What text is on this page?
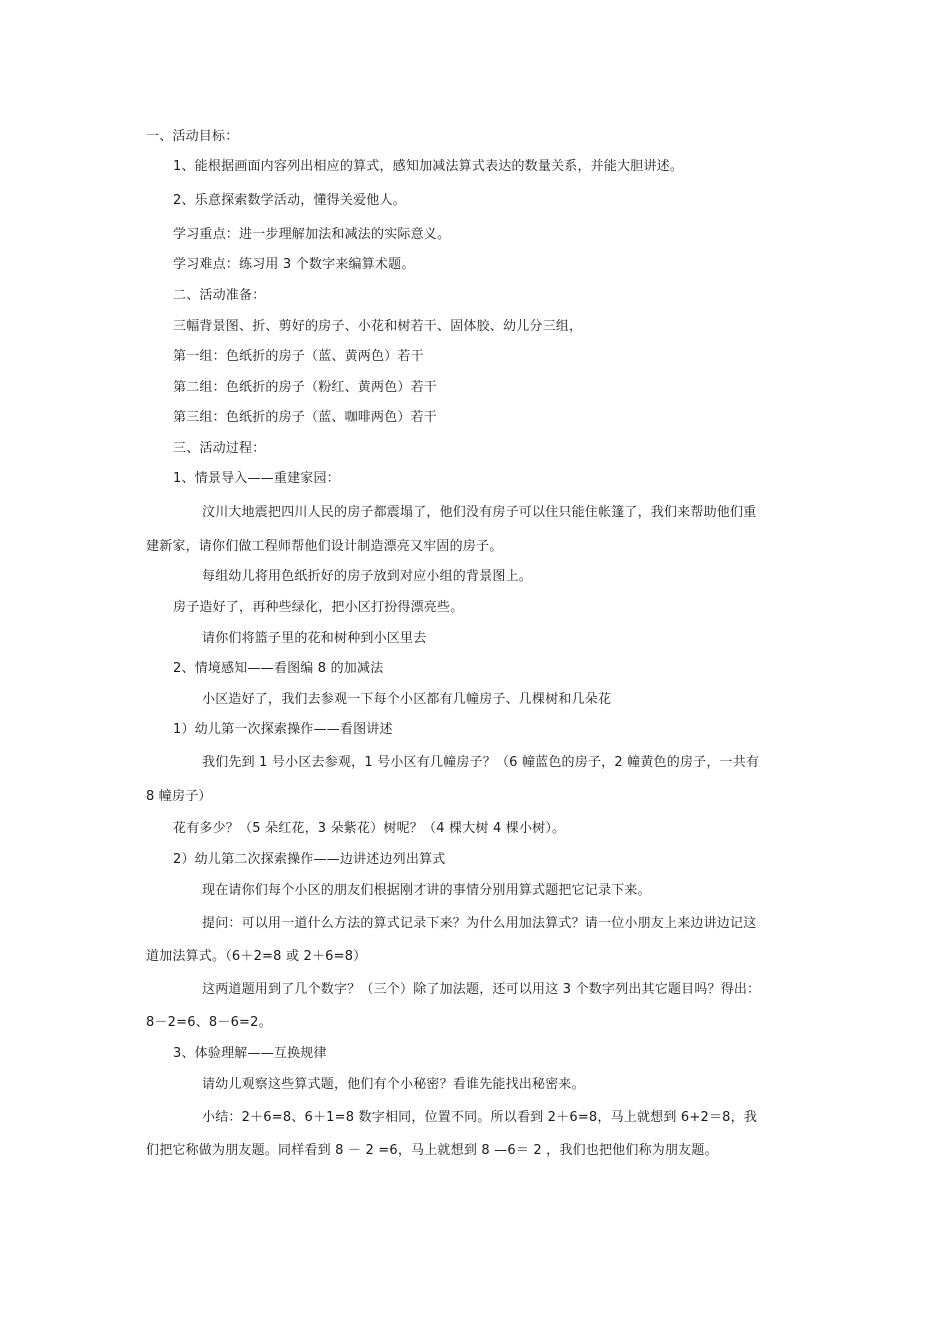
一、活动目标：
1、能根据画面内容列出相应的算式，感知加减法算式表达的数量关系，并能大胆讲述。
2、乐意探索数学活动，懂得关爱他人。
学习重点：进一步理解加法和减法的实际意义。
学习难点：练习用 3 个数字来编算术题。
二、活动准备：
三幅背景图、折、剪好的房子、小花和树若干、固体胶、幼儿分三组，
第一组：色纸折的房子（蓝、黄两色）若干
第二组：色纸折的房子（粉红、黄两色）若干
第三组：色纸折的房子（蓝、咖啡两色）若干
三、活动过程：
1、情景导入——重建家园：
汶川大地震把四川人民的房子都震塌了，他们没有房子可以住只能住帐篷了，我们来帮助他们重
建新家，请你们做工程师帮他们设计制造漂亮又牢固的房子。
每组幼儿将用色纸折好的房子放到对应小组的背景图上。
房子造好了，再种些绿化，把小区打扮得漂亮些。
请你们将篮子里的花和树种到小区里去
2、情境感知——看图编 8 的加减法
小区造好了，我们去参观一下每个小区都有几幢房子、几棵树和几朵花
1）幼儿第一次探索操作——看图讲述
我们先到 1 号小区去参观，1 号小区有几幢房子？（6 幢蓝色的房子，2 幢黄色的房子，一共有
8 幢房子）
花有多少？（5 朵红花，3 朵紫花）树呢？（4 棵大树 4 棵小树）。
2）幼儿第二次探索操作——边讲述边列出算式
现在请你们每个小区的朋友们根据刚才讲的事情分别用算式题把它记录下来。
提问：可以用一道什么方法的算式记录下来？为什么用加法算式？请一位小朋友上来边讲边记这
道加法算式。（6＋2=8 或 2＋6=8）
这两道题用到了几个数字？（三个）除了加法题，还可以用这 3 个数字列出其它题目吗？得出：
8－2=6、8－6=2。
3、体验理解——互换规律
请幼儿观察这些算式题，他们有个小秘密？看谁先能找出秘密来。
小结：2＋6=8、6＋1=8 数字相同，位置不同。所以看到 2＋6=8，马上就想到 6+2＝8，我
们把它称做为朋友题。同样看到 8 － 2 =6，马上就想到 8 —6＝ 2 ，我们也把他们称为朋友题。
